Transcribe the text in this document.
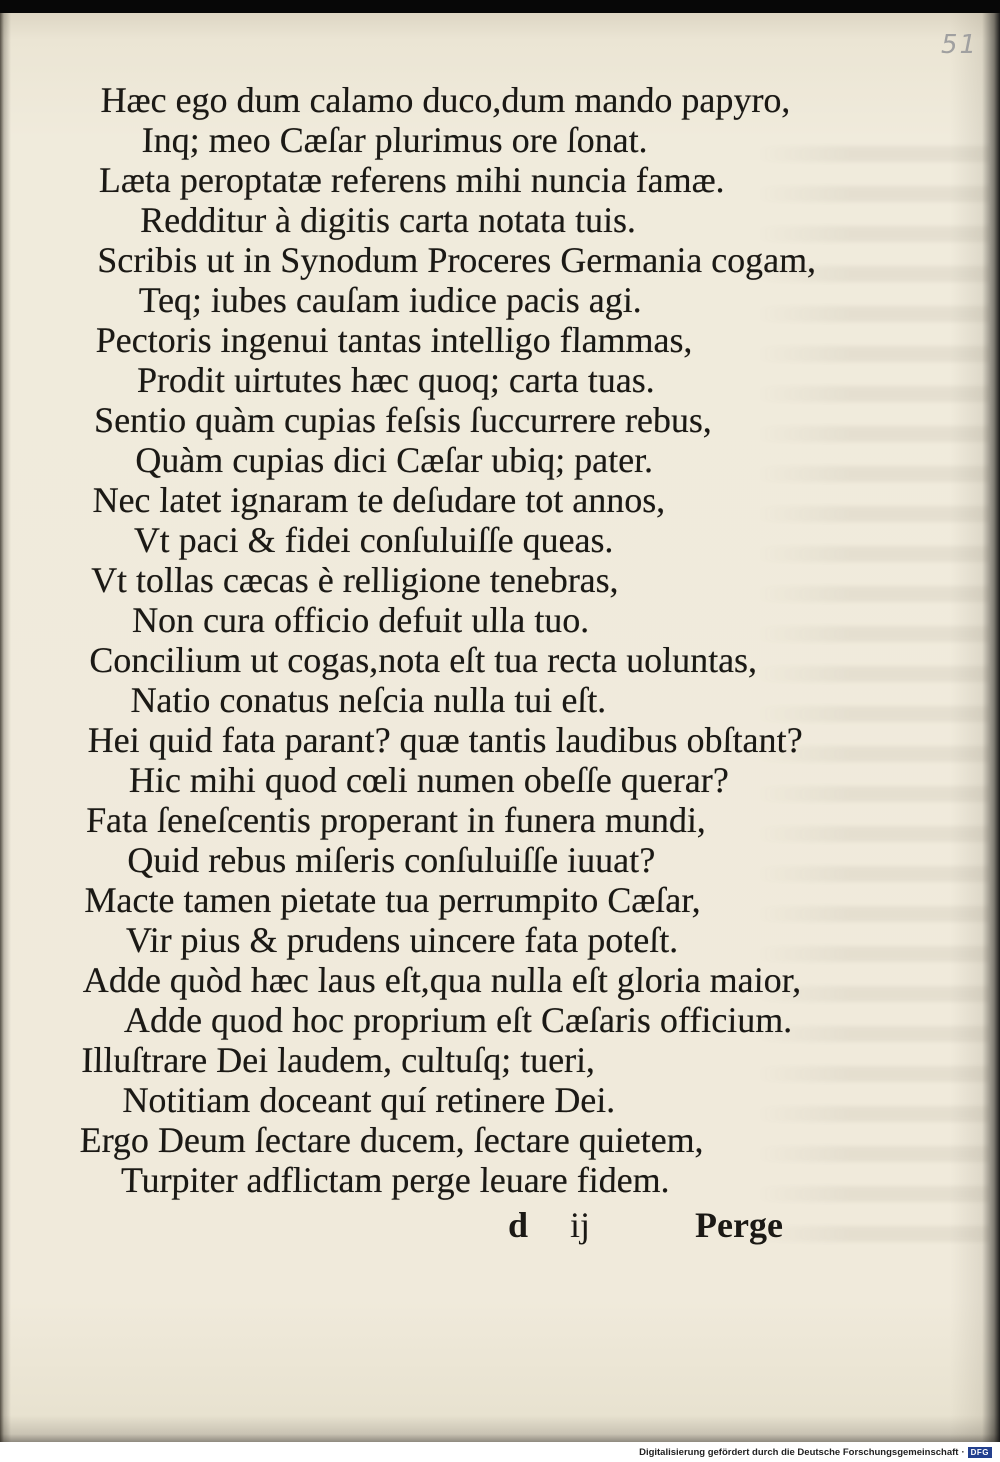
51
Hæc ego dum calamo duco,dum mando papyro,
Inq; meo Cæſar plurimus ore ſonat.
Læta peroptatæ referens mihi nuncia famæ.
Redditur à digitis carta notata tuis.
Scribis ut in Synodum Proceres Germania cogam,
Teq; iubes cauſam iudice pacis agi.
Pectoris ingenui tantas intelligo flammas,
Prodit uirtutes hæc quoq; carta tuas.
Sentio quàm cupias feſsis ſuccurrere rebus,
Quàm cupias dici Cæſar ubiq; pater.
Nec latet ignaram te deſudare tot annos,
Vt paci & fidei conſuluiſſe queas.
Vt tollas cæcas è relligione tenebras,
Non cura officio defuit ulla tuo.
Concilium ut cogas,nota eſt tua recta uoluntas,
Natio conatus neſcia nulla tui eſt.
Hei quid fata parant? quæ tantis laudibus obſtant?
Hic mihi quod cœli numen obeſſe querar?
Fata ſeneſcentis properant in funera mundi,
Quid rebus miſeris conſuluiſſe iuuat?
Macte tamen pietate tua perrumpito Cæſar,
Vir pius & prudens uincere fata poteſt.
Adde quòd hæc laus eſt,qua nulla eſt gloria maior,
Adde quod hoc proprium eſt Cæſaris officium.
Illuſtrare Dei laudem, cultuſq; tueri,
Notitiam doceant quí retinere Dei.
Ergo Deum ſectare ducem, ſectare quietem,
Turpiter adflictam perge leuare fidem.
d ij	Perge
Digitalisierung gefördert durch die Deutsche Forschungsgemeinschaft · DFG
